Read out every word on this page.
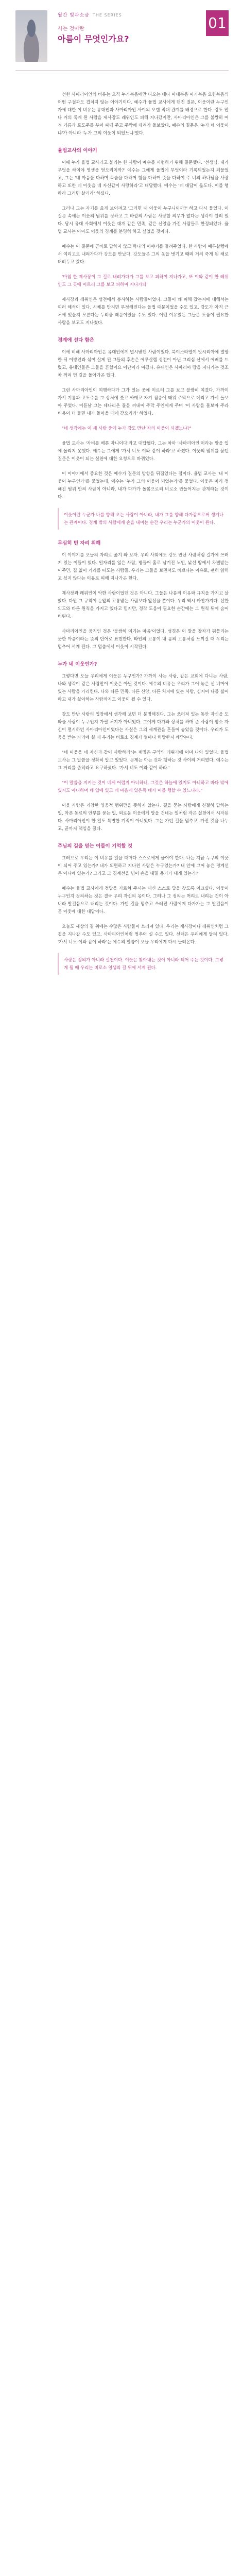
월간 빛과소금 THE SERIES
사는 것이란
아름이 무엇인가요?
01

선한 사마리아인의 비유는 오직 누가복음에만 나오는 데다 마태복음 마가복음 요한복음의 어떤 구절과도 겹치지 않는 이야기이다. 예수가 율법 교사에게 던진 질문, 이웃이란 누구인가에 대한 이 비유는 유대인과 사마리아인 사이의 오랜 적대 관계를 배경으로 한다. 강도 만나 거의 죽게 된 사람을 제사장도 레위인도 피해 지나갔지만, 사마리아인은 그를 불쌍히 여겨 기름과 포도주를 부어 싸매 주고 주막에 데려가 돌보았다. 예수의 질문은 '누가 네 이웃이냐'가 아니라 '누가 그의 이웃이 되었느냐'였다.

율법교사의 이야기

이때 누가 율법 교사라고 불리는 한 사람이 예수를 시험하기 위해 질문했다. '선생님, 내가 무엇을 하여야 영생을 얻으리이까?' 예수는 그에게 율법에 무엇이라 기록되었는지 되물었고, 그는 '네 마음을 다하며 목숨을 다하며 힘을 다하며 뜻을 다하여 주 너의 하나님을 사랑하고 또한 네 이웃을 네 자신같이 사랑하라'고 대답했다. 예수는 '네 대답이 옳도다. 이를 행하라 그러면 살리라' 하셨다.

그러나 그는 자기를 옳게 보이려고 '그러면 내 이웃이 누구니이까?' 하고 다시 물었다. 이 질문 속에는 이웃의 범위를 정하고 그 바깥의 사람은 사랑할 의무가 없다는 생각이 깔려 있다. 당시 유대 사회에서 이웃은 대개 같은 민족, 같은 신앙을 가진 사람들로 한정되었다. 율법 교사는 아마도 이웃의 경계를 분명히 하고 싶었을 것이다.

예수는 이 질문에 곧바로 답하지 않고 하나의 이야기를 들려주었다. 한 사람이 예루살렘에서 여리고로 내려가다가 강도를 만났다. 강도들은 그의 옷을 벗기고 때려 거의 죽게 된 채로 버려두고 갔다.

'마침 한 제사장이 그 길로 내려가다가 그를 보고 피하여 지나가고, 또 이와 같이 한 레위인도 그 곳에 이르러 그를 보고 피하여 지나가되'

제사장과 레위인은 성전에서 봉사하는 사람들이었다. 그들이 왜 피해 갔는지에 대해서는 여러 해석이 있다. 시체를 만지면 부정해진다는 율법 때문이었을 수도 있고, 강도가 아직 근처에 있을지 모른다는 두려움 때문이었을 수도 있다. 어떤 이유였든 그들은 도움이 필요한 사람을 보고도 지나쳤다.

경계에 선다 함은

이에 비해 사마리아인은 유대인에게 멸시받던 사람이었다. 북이스라엘이 앗시리아에 멸망한 뒤 이방인과 섞여 살게 된 그들의 후손은 예루살렘 성전이 아닌 그리심 산에서 예배를 드렸고, 유대인들은 그들을 혼혈이요 이단이라 여겼다. 유대인은 사마리아 땅을 지나가는 것조차 꺼려 먼 길을 돌아가곤 했다.

그런 사마리아인이 여행하다가 그가 있는 곳에 이르러 그를 보고 불쌍히 여겼다. 가까이 가서 기름과 포도주를 그 상처에 붓고 싸매고 자기 짐승에 태워 주막으로 데리고 가서 돌보아 주었다. 이튿날 그는 데나리온 둘을 꺼내어 주막 주인에게 주며 '이 사람을 돌보아 주라 비용이 더 들면 내가 돌아올 때에 갚으리라' 하였다.

"네 생각에는 이 세 사람 중에 누가 강도 만난 자의 이웃이 되겠느냐?"

율법 교사는 '자비를 베푼 자니이다'라고 대답했다. 그는 차마 '사마리아인'이라는 말을 입에 올리지 못했다. 예수는 그에게 '가서 너도 이와 같이 하라'고 하셨다. 이웃의 범위를 묻던 질문은 이웃이 되는 실천에 대한 요청으로 바뀌었다.

이 이야기에서 중요한 것은 예수가 질문의 방향을 뒤집었다는 점이다. 율법 교사는 '내 이웃이 누구인가'를 물었는데, 예수는 '누가 그의 이웃이 되었는가'를 물었다. 이웃은 미리 정해진 범위 안의 사람이 아니라, 내가 다가가 돌봄으로써 비로소 만들어지는 관계라는 것이다.

이웃이란 누군가 나를 향해 오는 사람이 아니라, 내가 그를 향해 다가감으로써 생겨나는 관계이다. 경계 밖의 사람에게 손을 내미는 순간 우리는 누군가의 이웃이 된다.

무심히 빈 자리 위해

이 이야기를 오늘의 자리로 옮겨 와 보자. 우리 사회에도 강도 만난 사람처럼 길가에 쓰러져 있는 이들이 있다. 일자리를 잃은 사람, 병들어 홀로 남겨진 노인, 낯선 땅에서 차별받는 이주민, 집 없이 거리를 떠도는 사람들. 우리는 그들을 보면서도 바쁘다는 이유로, 괜히 얽히고 싶지 않다는 이유로 피해 지나가곤 한다.

제사장과 레위인이 악한 사람이었던 것은 아니다. 그들은 나름의 이유와 규칙을 가지고 살았다. 다만 그 규칙이 눈앞의 고통받는 사람보다 앞섰을 뿐이다. 우리 역시 마찬가지다. 선한 의도와 바른 원칙을 가지고 있다고 믿지만, 정작 도움이 필요한 순간에는 그 원칙 뒤에 숨어 버린다.

사마리아인을 움직인 것은 '불쌍히 여기는 마음'이었다. 성경은 이 말을 창자가 뒤틀리는 듯한 아픔이라는 뜻의 단어로 표현한다. 타인의 고통이 내 몸의 고통처럼 느껴질 때 우리는 멈추어 서게 된다. 그 멈춤에서 이웃이 시작된다.

누가 네 이웃인가?

그렇다면 오늘 우리에게 이웃은 누구인가? 가까이 사는 사람, 같은 교회에 다니는 사람, 나와 생각이 같은 사람만이 이웃은 아닐 것이다. 예수의 비유는 우리가 그어 놓은 선 너머에 있는 사람을 가리킨다. 나와 다른 민족, 다른 신앙, 다른 처지에 있는 사람, 심지어 나를 싫어하고 내가 싫어하는 사람까지도 이웃이 될 수 있다.

강도 만난 사람의 입장에서 생각해 보면 더 분명해진다. 그는 쓰러져 있는 동안 자신을 도와줄 사람이 누구인지 가릴 처지가 아니었다. 그에게 다가와 상처를 싸매 준 사람이 평소 자신이 멸시하던 사마리아인이었다는 사실은 그의 세계관을 흔들어 놓았을 것이다. 우리가 도움을 받는 자리에 설 때 우리는 비로소 경계가 얼마나 허망한지 깨닫는다.

"네 이웃을 네 자신과 같이 사랑하라"는 계명은 구약의 레위기에 이미 나와 있었다. 율법 교사는 그 말씀을 정확히 알고 있었다. 문제는 아는 것과 행하는 것 사이의 거리였다. 예수는 그 거리를 좁히라고 요구하셨다. '가서 너도 이와 같이 하라.'

"이 말씀을 지키는 것이 네게 어렵지 아니하니, 그것은 하늘에 있지도 아니하고 바다 밖에 있지도 아니하며 네 입에 있고 네 마음에 있은즉 네가 이를 행할 수 있느니라."

이웃 사랑은 거창한 영웅적 행위만을 뜻하지 않는다. 길을 묻는 사람에게 친절히 답하는 일, 아픈 동료의 안부를 묻는 일, 외로운 이웃에게 말을 건네는 일처럼 작은 실천에서 시작된다. 사마리아인이 한 일도 특별한 기적이 아니었다. 그는 가던 길을 멈추고, 가진 것을 나누고, 끝까지 책임을 졌다.

주님의 길을 믿는 이들이 기억할 것

그러므로 우리는 이 비유를 읽을 때마다 스스로에게 물어야 한다. 나는 지금 누구의 이웃이 되어 주고 있는가? 내가 외면하고 지나친 사람은 누구였는가? 내 안에 그어 놓은 경계선은 어디에 있는가? 그리고 그 경계선을 넘어 손을 내밀 용기가 내게 있는가?

예수는 율법 교사에게 정답을 가르쳐 주시는 대신 스스로 답을 찾도록 이끄셨다. 이웃이 누구인지 정의하는 것은 결국 우리 자신의 몫이다. 그러나 그 정의는 머리로 내리는 것이 아니라 발걸음으로 내리는 것이다. 가던 길을 멈추고 쓰러진 사람에게 다가가는 그 발걸음이 곧 이웃에 대한 대답이다.

오늘도 세상의 길 위에는 수많은 사람들이 쓰러져 있다. 우리는 제사장이나 레위인처럼 그 곁을 지나갈 수도 있고, 사마리아인처럼 멈추어 설 수도 있다. 선택은 우리에게 달려 있다. '가서 너도 이와 같이 하라'는 예수의 말씀이 오늘 우리에게 다시 들려온다.

사랑은 정의가 아니라 실천이다. 이웃은 찾아내는 것이 아니라 되어 주는 것이다. 그렇게 될 때 우리는 비로소 영생의 길 위에 서게 된다.
